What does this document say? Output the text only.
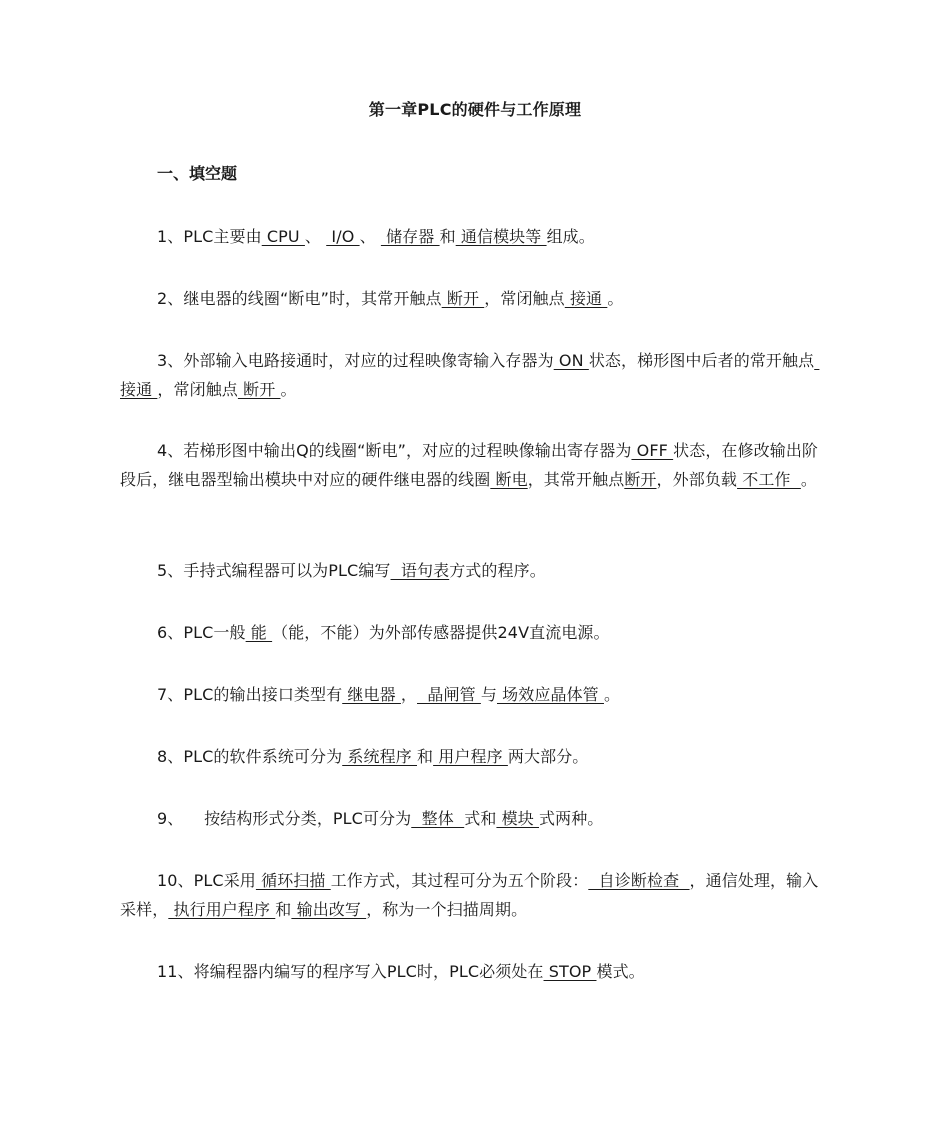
第一章PLC的硬件与工作原理
一、填空题
1、PLC主要由 CPU 、  I/O 、  储存器 和 通信模块等 组成。
2、继电器的线圈“断电”时，其常开触点 断开 ，常闭触点 接通 。
3、外部输入电路接通时，对应的过程映像寄输入存器为 ON 状态，梯形图中后者的常开触点 接通 ，常闭触点 断开 。
4、若梯形图中输出Q的线圈“断电”，对应的过程映像输出寄存器为 OFF 状态，在修改输出阶段后，继电器型输出模块中对应的硬件继电器的线圈 断电，其常开触点断开，外部负载 不工作  。
5、手持式编程器可以为PLC编写  语句表方式的程序。
6、PLC一般 能 （能，不能）为外部传感器提供24V直流电源。
7、PLC的输出接口类型有 继电器 ，  晶闸管 与 场效应晶体管 。
8、PLC的软件系统可分为 系统程序 和 用户程序 两大部分。
9、    按结构形式分类，PLC可分为  整体  式和 模块 式两种。
10、PLC采用 循环扫描 工作方式，其过程可分为五个阶段：  自诊断检查  ，通信处理，输入采样， 执行用户程序 和 输出改写 ，称为一个扫描周期。
11、将编程器内编写的程序写入PLC时，PLC必须处在 STOP 模式。
